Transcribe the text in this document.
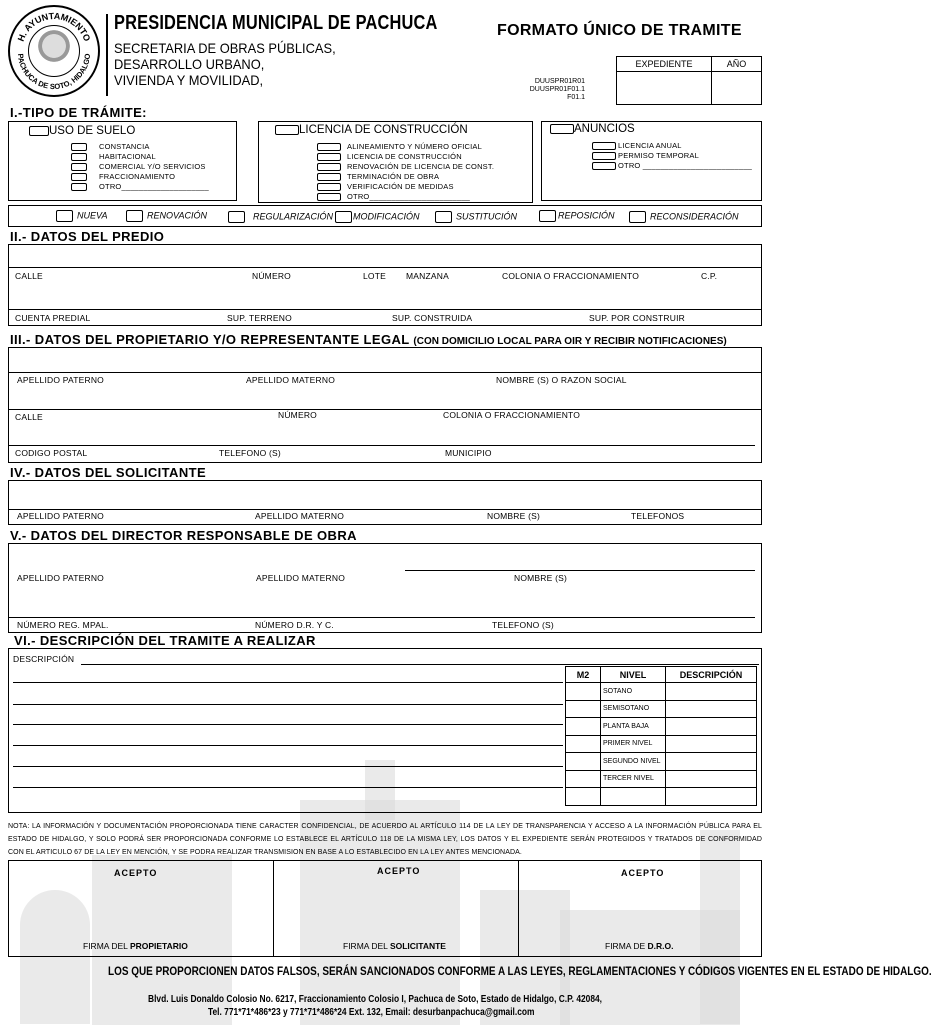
H. AYUNTAMIENTO
PACHUCA DE SOTO, HIDALGO
PRESIDENCIA MUNICIPAL DE PACHUCA
SECRETARIA DE OBRAS PÚBLICAS,
DESARROLLO URBANO,
VIVIENDA Y MOVILIDAD,
FORMATO ÚNICO DE TRAMITE
DUUSPR01R01
DUUSPR01F01.1
F01.1
EXPEDIENTE	AÑO

I.-TIPO DE TRÁMITE:
USO DE SUELO
CONSTANCIA
HABITACIONAL
COMERCIAL Y/O SERVICIOS
FRACCIONAMIENTO
OTRO____________________
LICENCIA DE CONSTRUCCIÓN
ALINEAMIENTO Y NÚMERO OFICIAL
LICENCIA DE CONSTRUCCIÓN
RENOVACIÓN DE LICENCIA DE CONST.
TERMINACIÓN DE OBRA
VERIFICACIÓN DE MEDIDAS
OTRO_______________________
ANUNCIOS
LICENCIA ANUAL
PERMISO TEMPORAL
OTRO _________________________
NUEVA	RENOVACIÓN	REGULARIZACIÓN	MODIFICACIÓN	SUSTITUCIÓN	REPOSICIÓN	RECONSIDERACIÓN
II.- DATOS DEL PREDIO
CALLE	NÚMERO	LOTE MANZANA	COLONIA O FRACCIONAMIENTO	C.P.
CUENTA PREDIAL	SUP. TERRENO	SUP. CONSTRUIDA	SUP. POR CONSTRUIR
III.- DATOS DEL PROPIETARIO Y/O REPRESENTANTE LEGAL (CON DOMICILIO LOCAL PARA OIR Y RECIBIR NOTIFICACIONES)
APELLIDO PATERNO	APELLIDO MATERNO	NOMBRE (S) O RAZON SOCIAL
CALLE	NÚMERO	COLONIA O FRACCIONAMIENTO
CODIGO POSTAL	TELEFONO (S)	MUNICIPIO
IV.- DATOS DEL SOLICITANTE
APELLIDO PATERNO	APELLIDO MATERNO	NOMBRE (S)	TELEFONOS
V.- DATOS DEL DIRECTOR RESPONSABLE DE OBRA
APELLIDO PATERNO	APELLIDO MATERNO	NOMBRE (S)
NÚMERO REG. MPAL.	NÚMERO D.R. Y C.	TELEFONO (S)
VI.- DESCRIPCIÓN DEL TRAMITE A REALIZAR
DESCRIPCIÓN
M2	NIVEL	DESCRIPCIÓN
	SOTANO	
	SEMISOTANO	
	PLANTA BAJA	
	PRIMER NIVEL	
	SEGUNDO NIVEL	
	TERCER NIVEL	

NOTA: LA INFORMACIÓN Y DOCUMENTACIÓN PROPORCIONADA TIENE CARACTER CONFIDENCIAL, DE ACUERDO AL ARTÍCULO 114 DE LA LEY DE TRANSPARENCIA Y ACCESO A LA INFORMACIÓN PÚBLICA PARA EL ESTADO DE HIDALGO, Y SOLO PODRÁ SER PROPORCIONADA CONFORME LO ESTABLECE EL ARTÍCULO 118 DE LA MISMA LEY, LOS DATOS Y EL EXPEDIENTE SERÁN PROTEGIDOS Y TRATADOS DE CONFORMIDAD CON EL ARTICULO 67 DE LA LEY EN MENCIÓN, Y SE PODRA REALIZAR TRANSMISION EN BASE A LO ESTABLECIDO EN LA LEY ANTES MENCIONADA.
ACEPTO	ACEPTO	ACEPTO
FIRMA DEL PROPIETARIO	FIRMA DEL SOLICITANTE	FIRMA DE D.R.O.
LOS QUE PROPORCIONEN DATOS FALSOS, SERÁN SANCIONADOS CONFORME A LAS LEYES, REGLAMENTACIONES Y CÓDIGOS VIGENTES EN EL ESTADO DE HIDALGO.
Blvd. Luis Donaldo Colosio No. 6217, Fraccionamiento Colosio I, Pachuca de Soto, Estado de Hidalgo, C.P. 42084,
Tel. 771*71*486*23 y 771*71*486*24 Ext. 132, Email: desurbanpachuca@gmail.com
